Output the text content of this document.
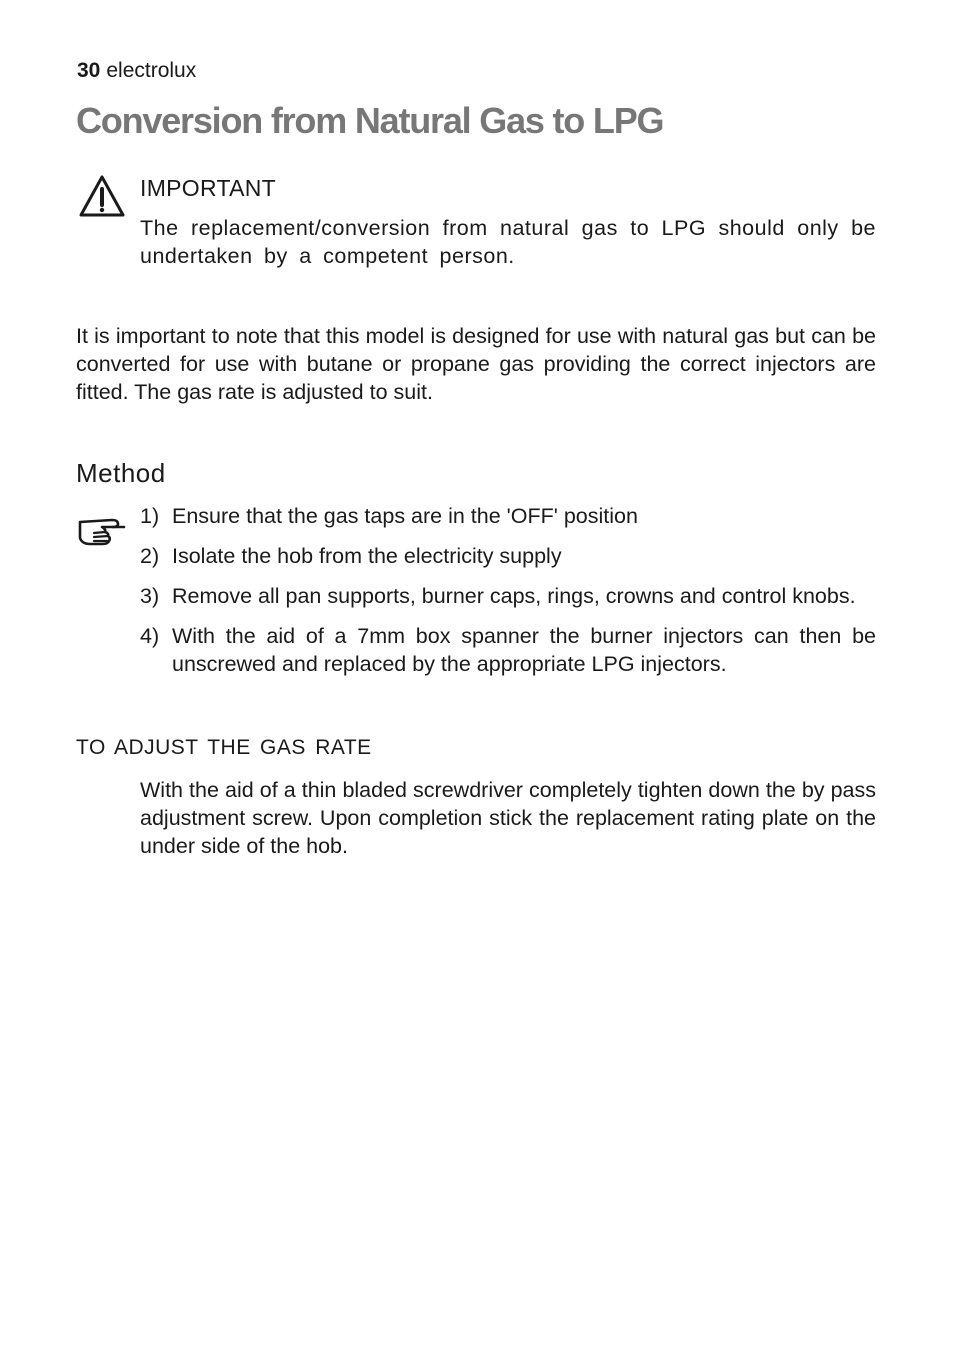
30 electrolux
Conversion from Natural Gas to LPG
IMPORTANT
The replacement/conversion from natural gas to LPG should only be undertaken by a competent person.

It is important to note that this model is designed for use with natural gas but can be converted for use with butane or propane gas providing the correct injectors are fitted. The gas rate is adjusted to suit.

Method
1) Ensure that the gas taps are in the 'OFF' position
2) Isolate the hob from the electricity supply
3) Remove all pan supports, burner caps, rings, crowns and control knobs.
4) With the aid of a 7mm box spanner the burner injectors can then be unscrewed and replaced by the appropriate LPG injectors.
TO ADJUST THE GAS RATE

With the aid of a thin bladed screwdriver completely tighten down the by pass adjustment screw. Upon completion stick the replacement rating plate on the under side of the hob.
